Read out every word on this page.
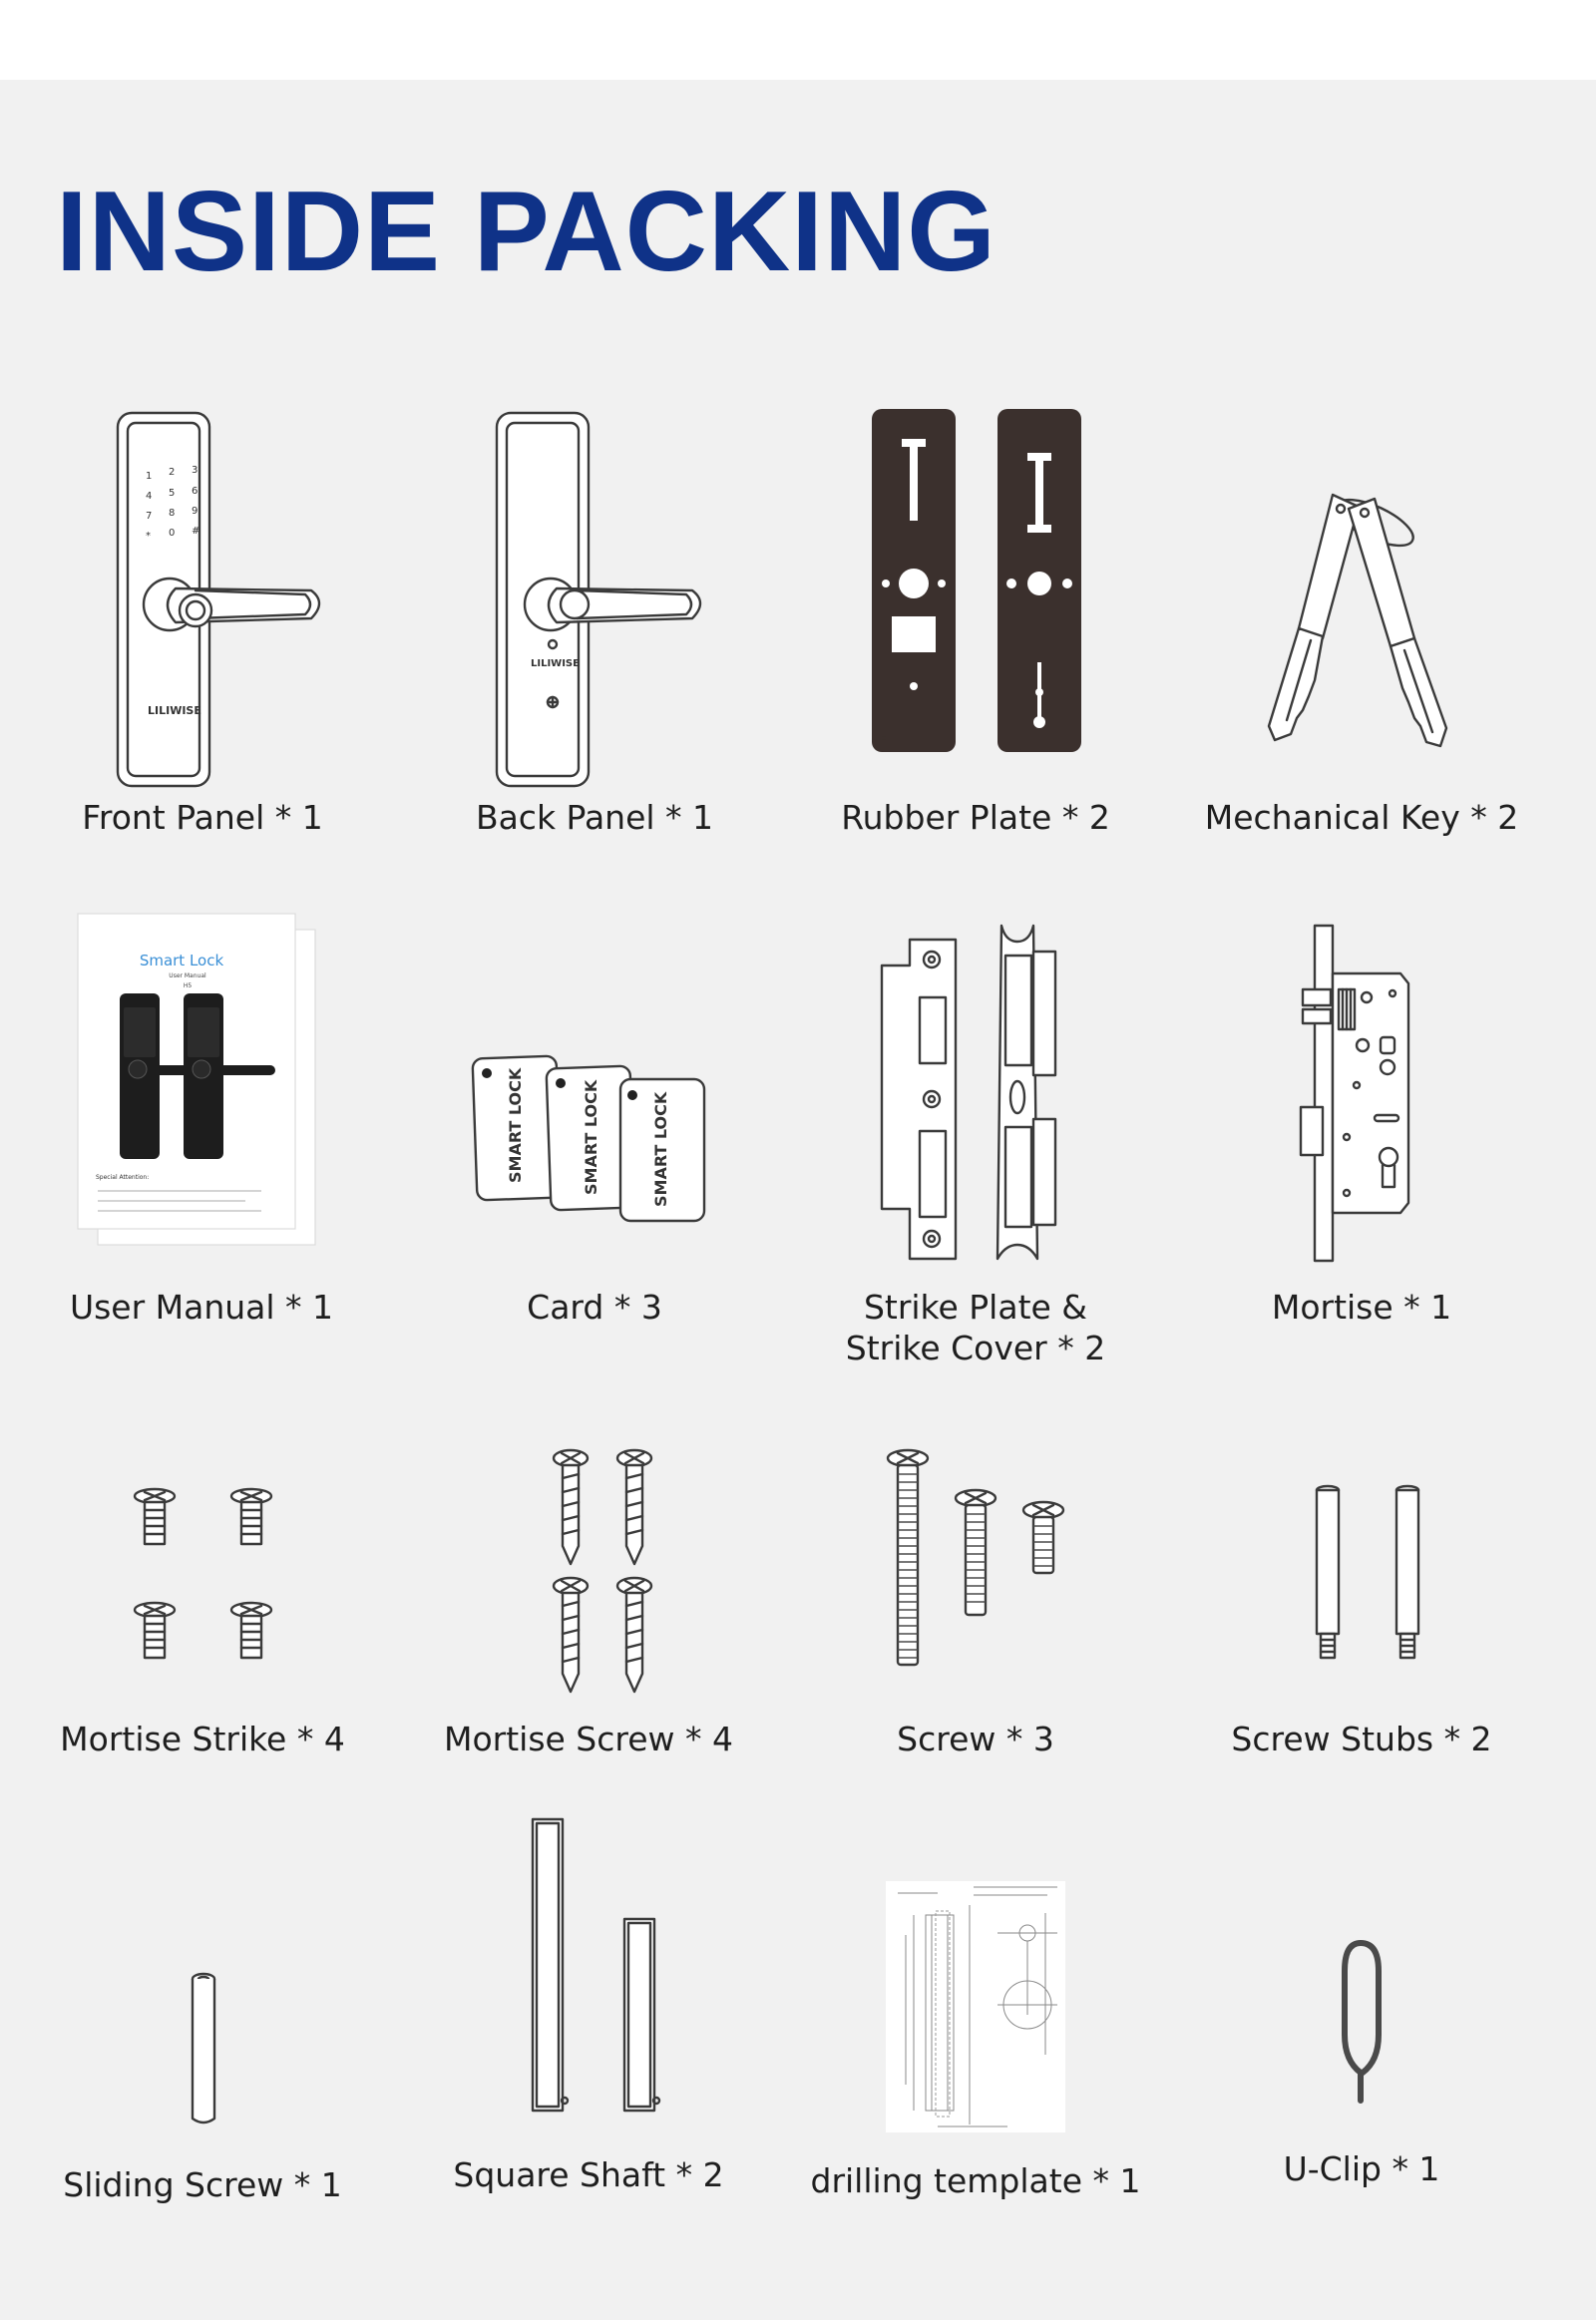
INSIDE PACKING
1 2 3
4 5 6
7 8 9
* 0 #
LILIWISE
Front Panel * 1
LILIWISE
Back Panel * 1	Rubber Plate * 2	Mechanical Key * 2
Smart Lock
User Manual
H5
Special Attention:
User Manual * 1
SMART LOCK	SMART LOCK	SMART LOCK
Card * 3	Strike Plate &
Strike Cover * 2
Mortise * 1
Mortise Strike * 4	Mortise Screw * 4	Screw * 3	Screw Stubs * 2
Sliding Screw * 1	Square Shaft * 2	drilling template * 1	U-Clip * 1
